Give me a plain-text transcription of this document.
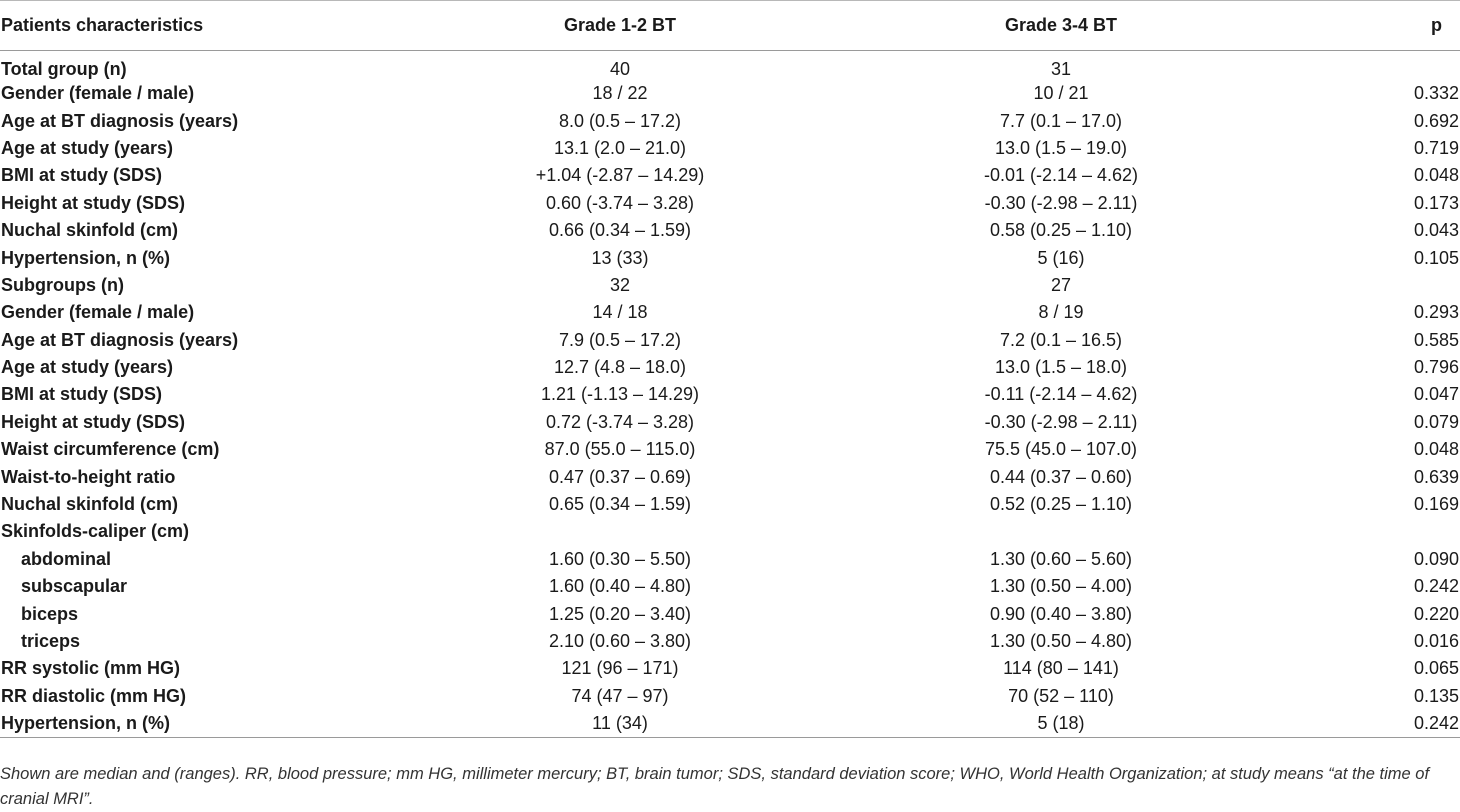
Patients characteristics	Grade 1-2 BT	Grade 3-4 BT	p
Total group (n)	40	31	
Gender (female / male)	18 / 22	10 / 21	0.332
Age at BT diagnosis (years)	8.0 (0.5 – 17.2)	7.7 (0.1 – 17.0)	0.692
Age at study (years)	13.1 (2.0 – 21.0)	13.0 (1.5 – 19.0)	0.719
BMI at study (SDS)	+1.04 (-2.87 – 14.29)	-0.01 (-2.14 – 4.62)	0.048
Height at study (SDS)	0.60 (-3.74 – 3.28)	-0.30 (-2.98 – 2.11)	0.173
Nuchal skinfold (cm)	0.66 (0.34 – 1.59)	0.58 (0.25 – 1.10)	0.043
Hypertension, n (%)	13 (33)	5 (16)	0.105
Subgroups (n)	32	27	
Gender (female / male)	14 / 18	8 / 19	0.293
Age at BT diagnosis (years)	7.9 (0.5 – 17.2)	7.2 (0.1 – 16.5)	0.585
Age at study (years)	12.7 (4.8 – 18.0)	13.0 (1.5 – 18.0)	0.796
BMI at study (SDS)	1.21 (-1.13 – 14.29)	-0.11 (-2.14 – 4.62)	0.047
Height at study (SDS)	0.72 (-3.74 – 3.28)	-0.30 (-2.98 – 2.11)	0.079
Waist circumference (cm)	87.0 (55.0 – 115.0)	75.5 (45.0 – 107.0)	0.048
Waist-to-height ratio	0.47 (0.37 – 0.69)	0.44 (0.37 – 0.60)	0.639
Nuchal skinfold (cm)	0.65 (0.34 – 1.59)	0.52 (0.25 – 1.10)	0.169
Skinfolds-caliper (cm)			
abdominal	1.60 (0.30 – 5.50)	1.30 (0.60 – 5.60)	0.090
subscapular	1.60 (0.40 – 4.80)	1.30 (0.50 – 4.00)	0.242
biceps	1.25 (0.20 – 3.40)	0.90 (0.40 – 3.80)	0.220
triceps	2.10 (0.60 – 3.80)	1.30 (0.50 – 4.80)	0.016
RR systolic (mm HG)	121 (96 – 171)	114 (80 – 141)	0.065
RR diastolic (mm HG)	74 (47 – 97)	70 (52 – 110)	0.135
Hypertension, n (%)	11 (34)	5 (18)	0.242
Shown are median and (ranges). RR, blood pressure; mm HG, millimeter mercury; BT, brain tumor; SDS, standard deviation score; WHO, World Health Organization; at study means “at the time of cranial MRI”.
